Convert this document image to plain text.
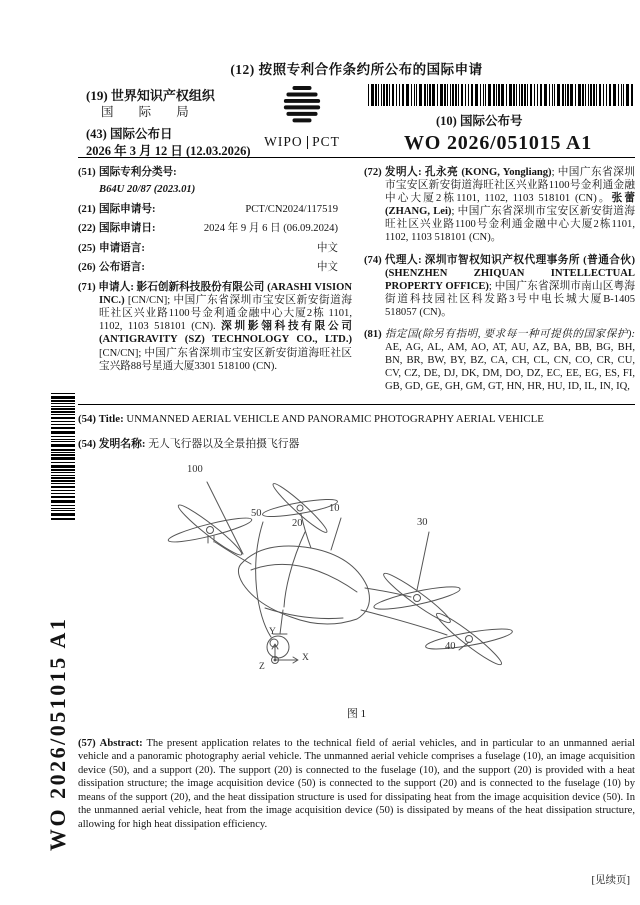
(12) 按照专利合作条约所公布的国际申请
(19) 世界知识产权组织
国 际 局
(43) 国际公布日
2026 年 3 月 12 日 (12.03.2026)
WIPO PCT
(10) 国际公布号
WO 2026/051015 A1
(51) 国际专利分类号:
B64U 20/87 (2023.01)
(21) 国际申请号:	PCT/CN2024/117519
(22) 国际申请日:	2024 年 9 月 6 日 (06.09.2024)
(25) 申请语言:	中文
(26) 公布语言:	中文

(71) 申请人: 影石创新科技股份有限公司 (ARASHI VISION INC.) [CN/CN]; 中国广东省深圳市宝安区新安街道海旺社区兴业路1100号金利通金融中心大厦2栋 1101, 1102, 1103 518101 (CN). 深圳影翎科技有限公司 (ANTIGRAVITY (SZ) TECHNOLOGY CO., LTD.) [CN/CN]; 中国广东省深圳市宝安区新安街道海旺社区宝兴路88号星通大厦3301 518100 (CN).

(72) 发明人: 孔永亮 (KONG, Yongliang); 中国广东省深圳市宝安区新安街道海旺社区兴业路1100号金利通金融中心大厦2栋1101, 1102, 1103 518101 (CN)。张蕾 (ZHANG, Lei); 中国广东省深圳市宝安区新安街道海旺社区兴业路1100号金利通金融中心大厦2栋1101, 1102, 1103 518101 (CN)。

(74) 代理人: 深圳市智权知识产权代理事务所 (普通合伙) (SHENZHEN ZHIQUAN INTELLECTUAL PROPERTY OFFICE); 中国广东省深圳市南山区粤海街道科技园社区科发路3号中电长城大厦B-1405 518057 (CN)。

(81) 指定国(除另有指明, 要求每一种可提供的国家保护): AE, AG, AL, AM, AO, AT, AU, AZ, BA, BB, BG, BH, BN, BR, BW, BY, BZ, CA, CH, CL, CN, CO, CR, CU, CV, CZ, DE, DJ, DK, DM, DO, DZ, EC, EE, EG, ES, FI, GB, GD, GE, GH, GM, GT, HN, HR, HU, ID, IL, IN, IQ,

(54) Title: UNMANNED AERIAL VEHICLE AND PANORAMIC PHOTOGRAPHY AERIAL VEHICLE
(54) 发明名称: 无人飞行器以及全景拍摄飞行器
100
50
20
10
30
40
Y
X
Z
图 1

(57) Abstract: The present application relates to the technical field of aerial vehicles, and in particular to an unmanned aerial vehicle and a panoramic photography aerial vehicle. The unmanned aerial vehicle comprises a fuselage (10), an image acquisition device (50), and a support (20). The support (20) is connected to the fuselage (10), and the support (20) is provided with a heat dissipation structure; the image acquisition device (50) is connected to the support (20) and is connected to the fuselage (10) by means of the support (20), and the heat dissipation structure is used for dissipating heat from the image acquisition device (50). In the unmanned aerial vehicle, heat from the image acquisition device (50) is dissipated by means of the heat dissipation structure, allowing for high heat dissipation efficiency.

[见续页]
WO 2026/051015 A1
